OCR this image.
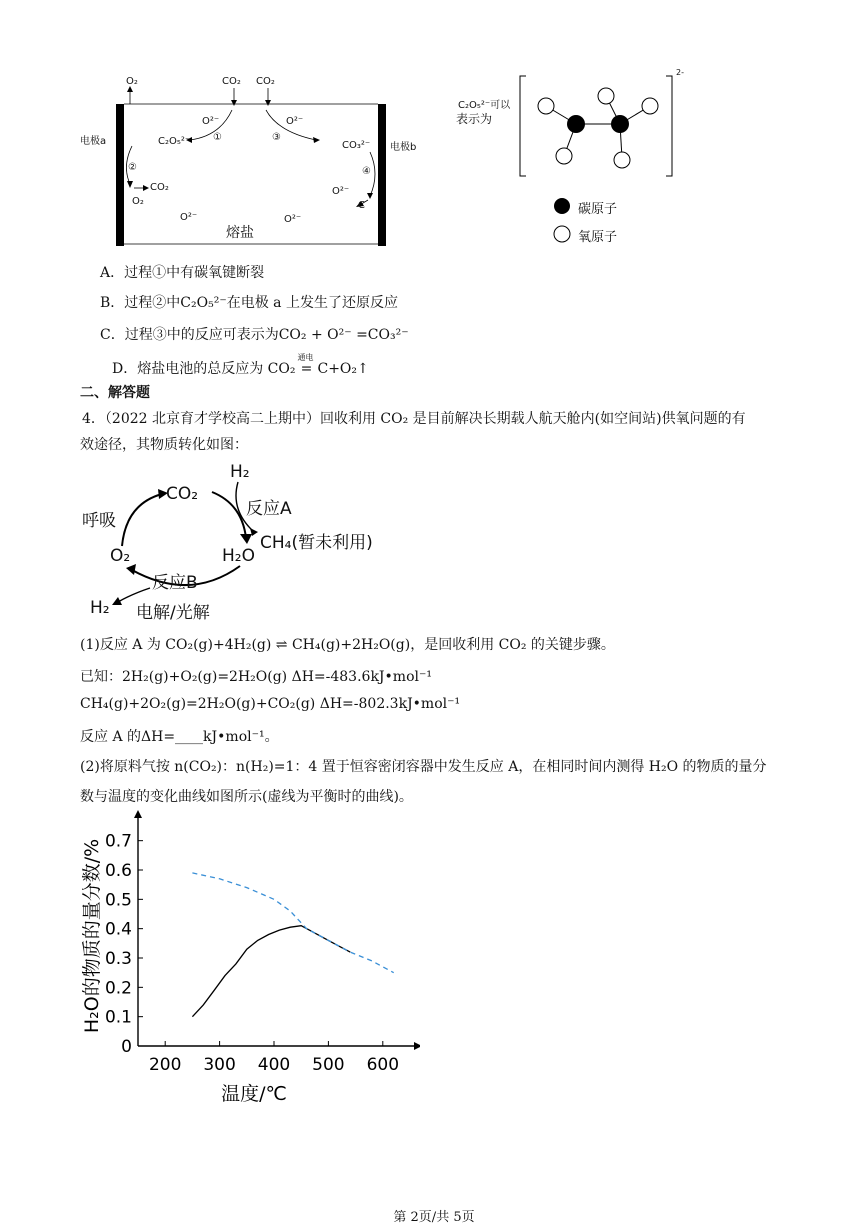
电极a
电极b
O₂	CO₂ CO₂
O²⁻	O²⁻
①	③
C₂O₅²⁻	CO₃²⁻
②	④
CO₂
O₂
O²⁻
C
O²⁻	O²⁻
熔盐
C₂O₅²⁻可以
表示为
2-
碳原子
氧原子
A．过程①中有碳氧键断裂
B．过程②中C₂O₅²⁻在电极 a 上发生了还原反应
C．过程③中的反应可表示为CO₂ + O²⁻ =CO₃²⁻
D．熔盐电池的总反应为 CO₂
通电
= C+O₂↑
二、解答题
4．（2022 北京育才学校高二上期中）回收利用 CO₂ 是目前解决长期载人航天舱内(如空间站)供氧问题的有
效途径，其物质转化如图：
H₂
CO₂
反应A
呼吸
CH₄(暂未利用)
O₂	H₂O
反应B
H₂ 电解/光解
(1)反应 A 为 CO₂(g)+4H₂(g) ⇌ CH₄(g)+2H₂O(g)，是回收利用 CO₂ 的关键步骤。
已知：2H₂(g)+O₂(g)=2H₂O(g) ΔH=-483.6kJ•mol⁻¹
CH₄(g)+2O₂(g)=2H₂O(g)+CO₂(g) ΔH=-802.3kJ•mol⁻¹
反应 A 的ΔH=____kJ•mol⁻¹。
(2)将原料气按 n(CO₂)：n(H₂)=1：4 置于恒容密闭容器中发生反应 A，在相同时间内测得 H₂O 的物质的量分
数与温度的变化曲线如图所示(虚线为平衡时的曲线)。
0
0.1
0.2
0.3
0.4
0.5
0.6
0.7
200 300 400 500 600
温度/℃
H₂O的物质的量分数/%
第 2页/共 5页
